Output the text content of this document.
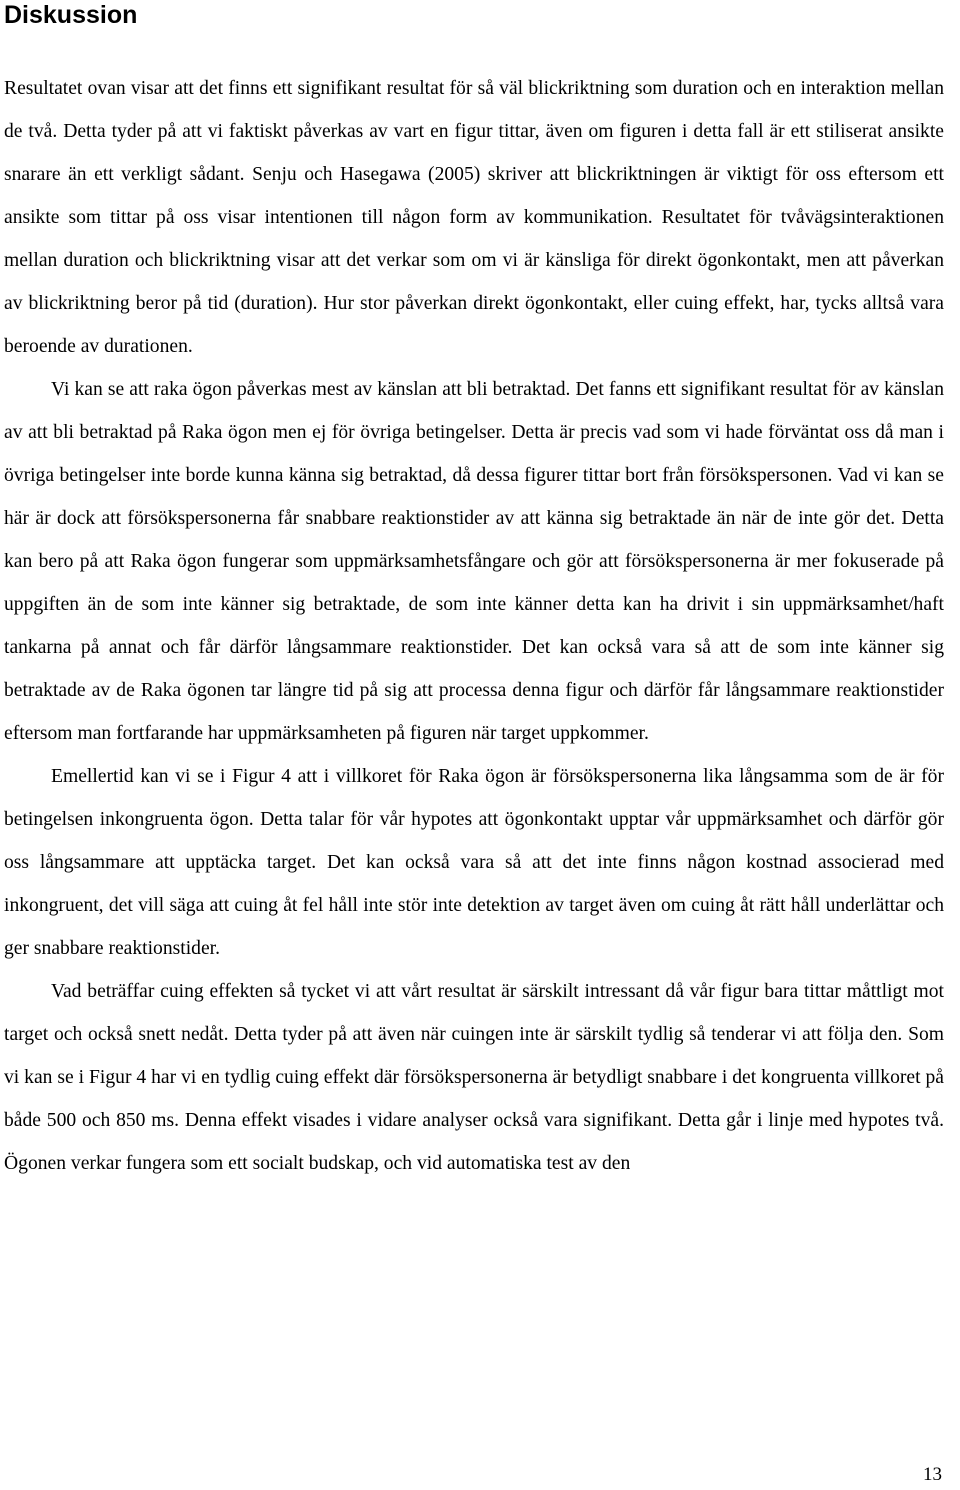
Diskussion

Resultatet ovan visar att det finns ett signifikant resultat för så väl blickriktning som duration och en interaktion mellan de två. Detta tyder på att vi faktiskt påverkas av vart en figur tittar, även om figuren i detta fall är ett stiliserat ansikte snarare än ett verkligt sådant. Senju och Hasegawa (2005) skriver att blickriktningen är viktigt för oss eftersom ett ansikte som tittar på oss visar intentionen till någon form av kommunikation. Resultatet för tvåvägsinteraktionen mellan duration och blickriktning visar att det verkar som om vi är känsliga för direkt ögonkontakt, men att påverkan av blickriktning beror på tid (duration). Hur stor påverkan direkt ögonkontakt, eller cuing effekt, har, tycks alltså vara beroende av durationen.

Vi kan se att raka ögon påverkas mest av känslan att bli betraktad. Det fanns ett signifikant resultat för av känslan av att bli betraktad på Raka ögon men ej för övriga betingelser. Detta är precis vad som vi hade förväntat oss då man i övriga betingelser inte borde kunna känna sig betraktad, då dessa figurer tittar bort från försökspersonen. Vad vi kan se här är dock att försökspersonerna får snabbare reaktionstider av att känna sig betraktade än när de inte gör det. Detta kan bero på att Raka ögon fungerar som uppmärksamhetsfångare och gör att försökspersonerna är mer fokuserade på uppgiften än de som inte känner sig betraktade, de som inte känner detta kan ha drivit i sin uppmärksamhet/haft tankarna på annat och får därför långsammare reaktionstider. Det kan också vara så att de som inte känner sig betraktade av de Raka ögonen tar längre tid på sig att processa denna figur och därför får långsammare reaktionstider eftersom man fortfarande har uppmärksamheten på figuren när target uppkommer.

Emellertid kan vi se i Figur 4 att i villkoret för Raka ögon är försökspersonerna lika långsamma som de är för betingelsen inkongruenta ögon. Detta talar för vår hypotes att ögonkontakt upptar vår uppmärksamhet och därför gör oss långsammare att upptäcka target. Det kan också vara så att det inte finns någon kostnad associerad med inkongruent, det vill säga att cuing åt fel håll inte stör inte detektion av target även om cuing åt rätt håll underlättar och ger snabbare reaktionstider.

Vad beträffar cuing effekten så tycket vi att vårt resultat är särskilt intressant då vår figur bara tittar måttligt mot target och också snett nedåt. Detta tyder på att även när cuingen inte är särskilt tydlig så tenderar vi att följa den. Som vi kan se i Figur 4 har vi en tydlig cuing effekt där försökspersonerna är betydligt snabbare i det kongruenta villkoret på både 500 och 850 ms. Denna effekt visades i vidare analyser också vara signifikant. Detta går i linje med hypotes två. Ögonen verkar fungera som ett socialt budskap, och vid automatiska test av den

13
